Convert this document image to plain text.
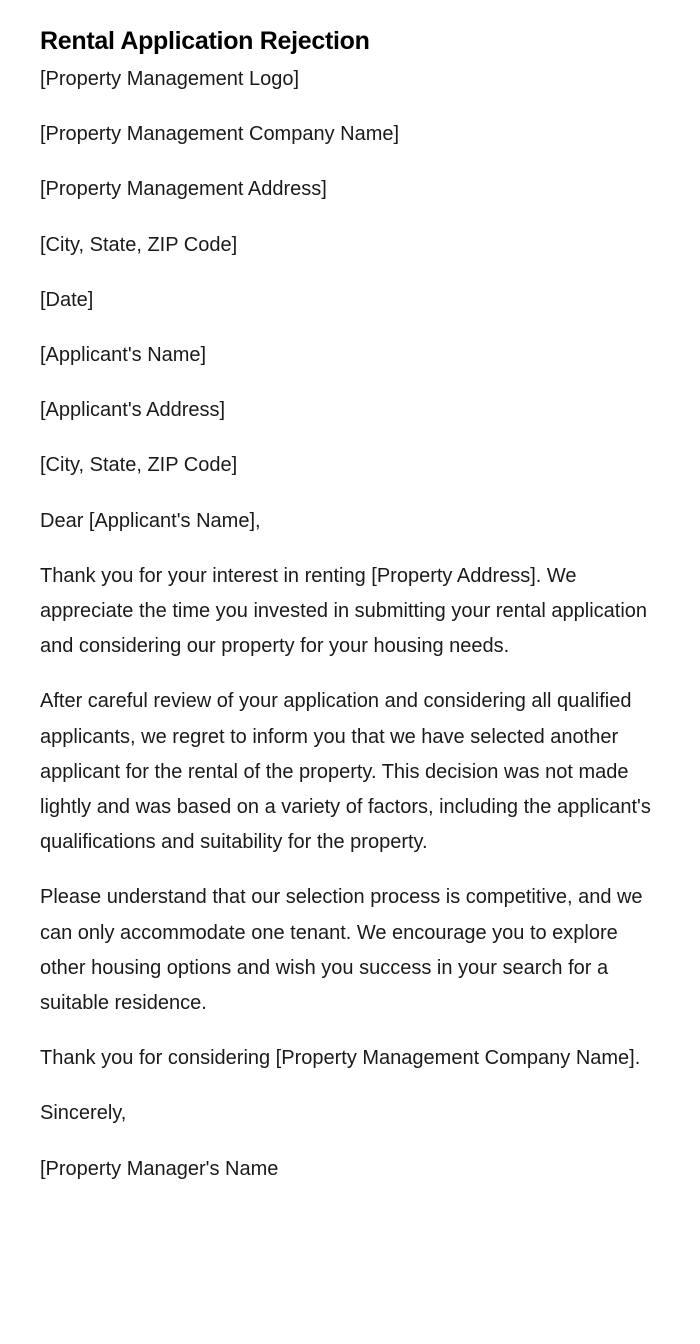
Rental Application Rejection

[Property Management Logo]

[Property Management Company Name]

[Property Management Address]

[City, State, ZIP Code]

[Date]

[Applicant's Name]

[Applicant's Address]

[City, State, ZIP Code]

Dear [Applicant's Name],

Thank you for your interest in renting [Property Address]. We appreciate the time you invested in submitting your rental application and considering our property for your housing needs.

After careful review of your application and considering all qualified applicants, we regret to inform you that we have selected another applicant for the rental of the property. This decision was not made lightly and was based on a variety of factors, including the applicant's qualifications and suitability for the property.

Please understand that our selection process is competitive, and we can only accommodate one tenant. We encourage you to explore other housing options and wish you success in your search for a suitable residence.

Thank you for considering [Property Management Company Name].

Sincerely,

[Property Manager's Name
